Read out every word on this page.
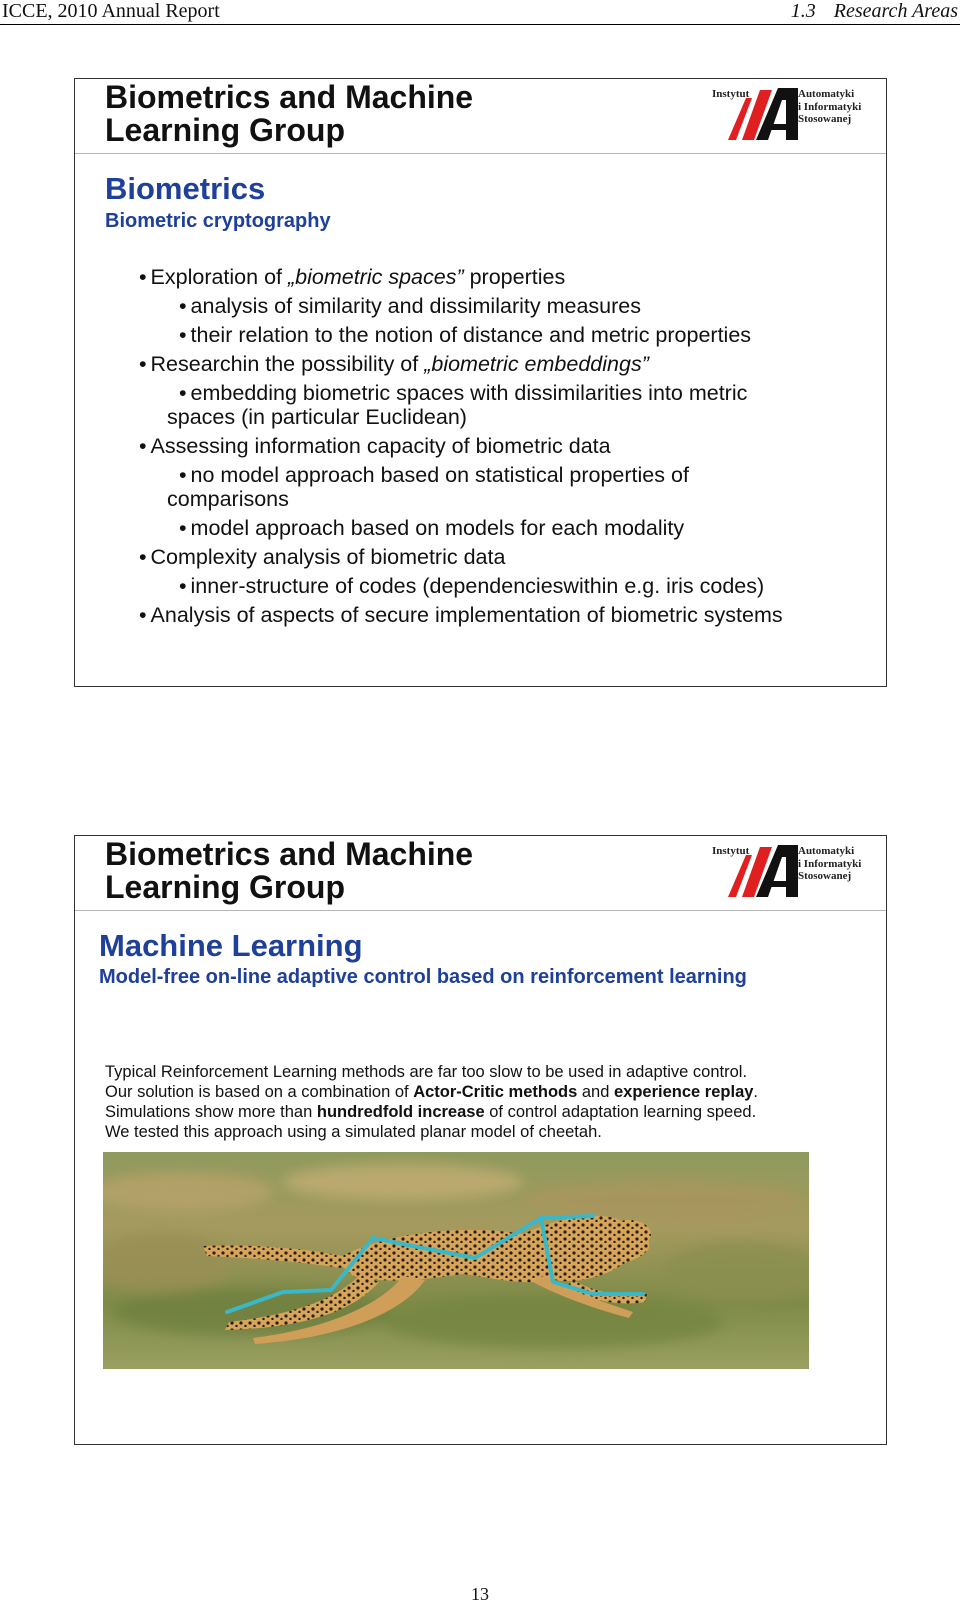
ICCE, 2010 Annual Report	1.3 Research Areas
Biometrics and Machine
Learning Group
Instytut	Automatyki
i Informatyki
Stosowanej
Biometrics
Biometric cryptography
• Exploration of „biometric spaces” properties
• analysis of similarity and dissimilarity measures
• their relation to the notion of distance and metric properties
• Researchin the possibility of „biometric embeddings”
• embedding biometric spaces with dissimilarities into metric
spaces (in particular Euclidean)
• Assessing information capacity of biometric data
• no model approach based on statistical properties of
comparisons
• model approach based on models for each modality
• Complexity analysis of biometric data
• inner-structure of codes (dependencieswithin e.g. iris codes)
• Analysis of aspects of secure implementation of biometric systems
Biometrics and Machine
Learning Group
Instytut	Automatyki
i Informatyki
Stosowanej
Machine Learning
Model-free on-line adaptive control based on reinforcement learning
Typical Reinforcement Learning methods are far too slow to be used in adaptive control.
Our solution is based on a combination of Actor-Critic methods and experience replay.
Simulations show more than hundredfold increase of control adaptation learning speed.
We tested this approach using a simulated planar model of cheetah.
13
